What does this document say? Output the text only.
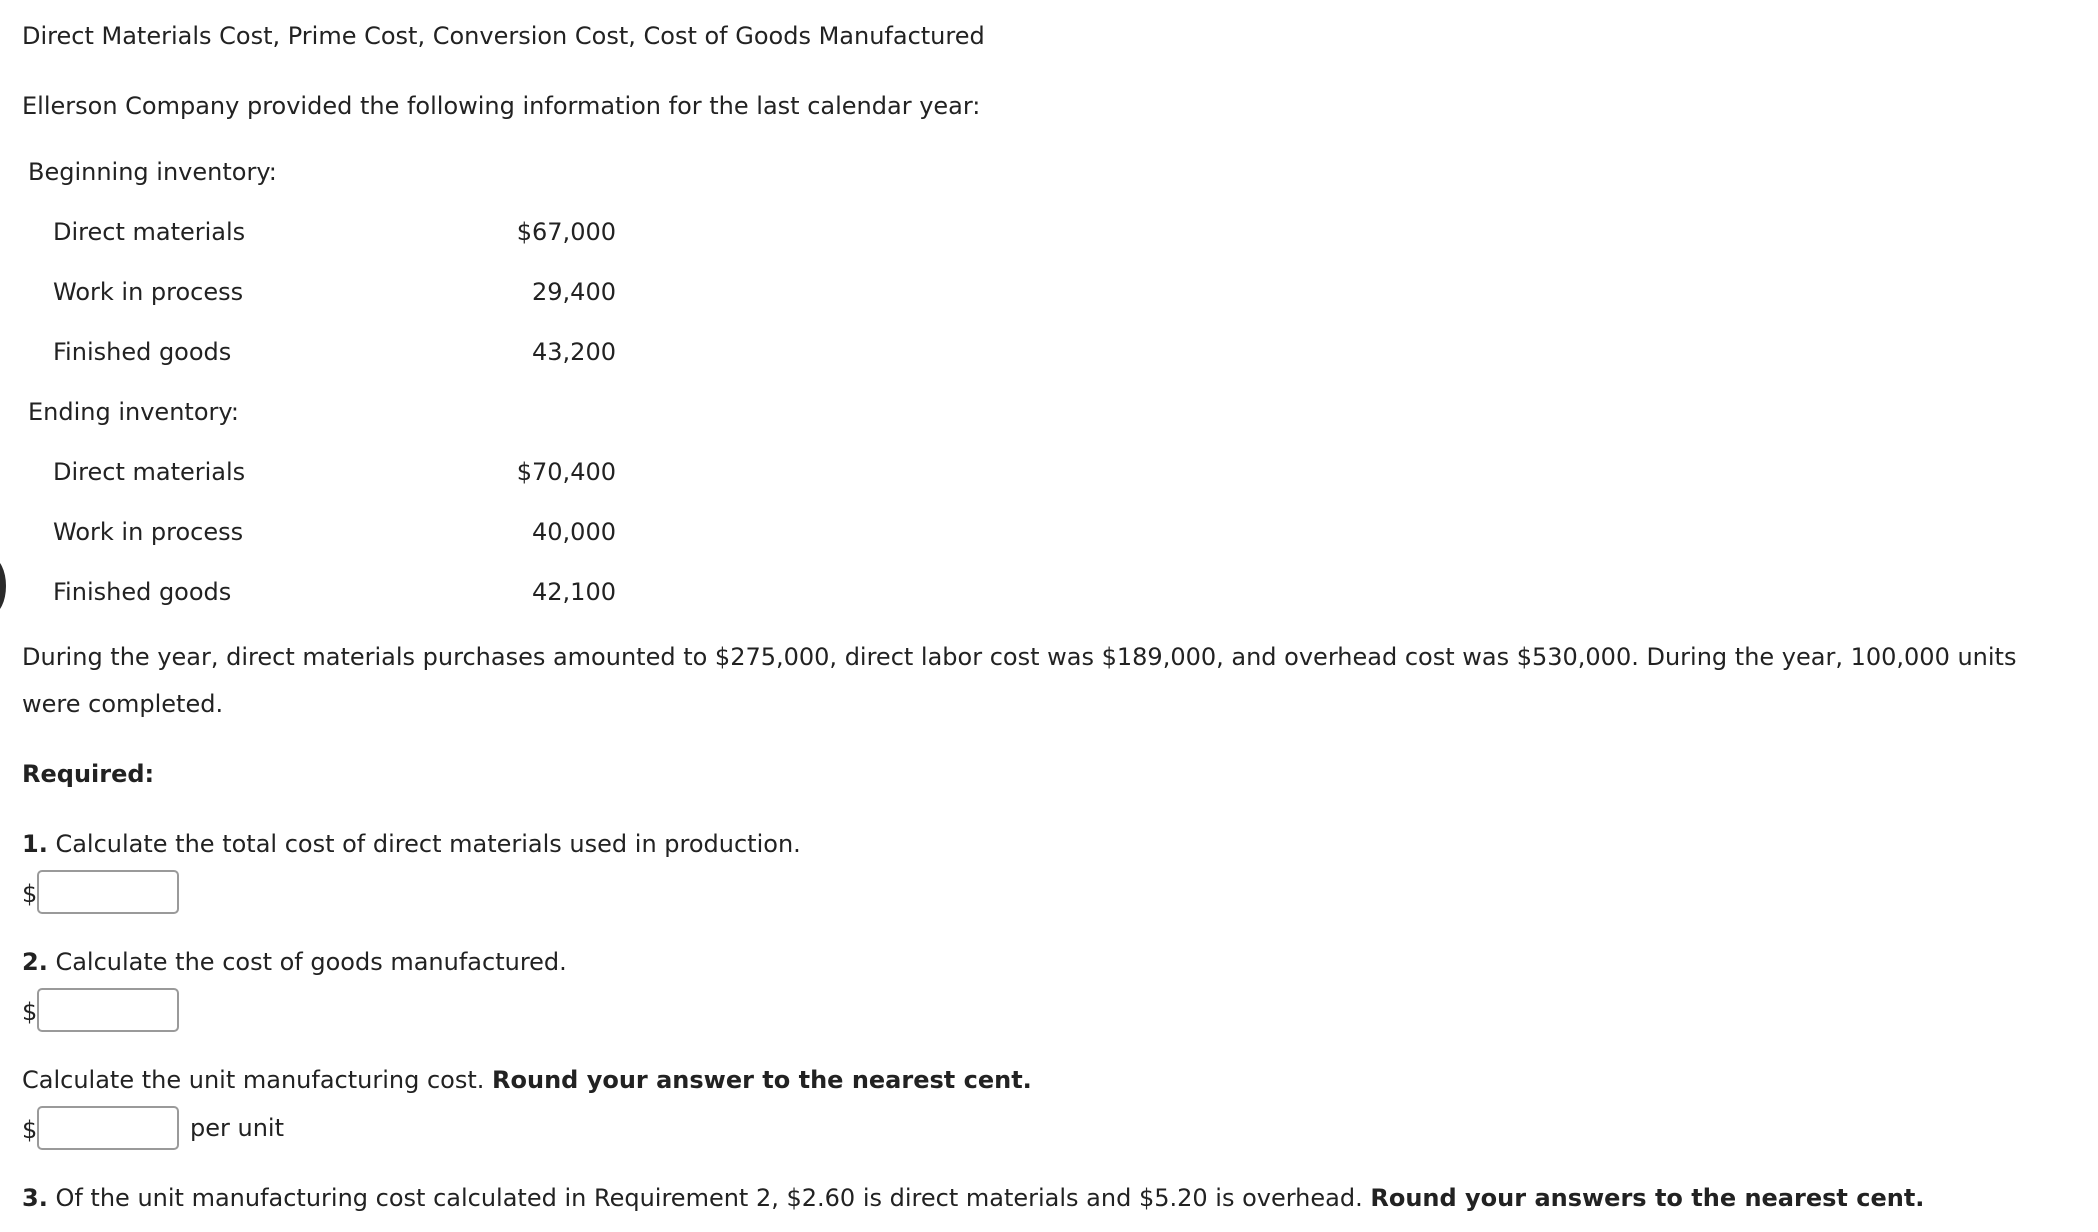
Direct Materials Cost, Prime Cost, Conversion Cost, Cost of Goods Manufactured
Ellerson Company provided the following information for the last calendar year:
Beginning inventory:
Direct materials	$67,000
Work in process	29,400
Finished goods	43,200
Ending inventory:
Direct materials	$70,400
Work in process	40,000
Finished goods	42,100
During the year, direct materials purchases amounted to $275,000, direct labor cost was $189,000, and overhead cost was $530,000. During the year, 100,000 units were completed.
Required:
1. Calculate the total cost of direct materials used in production.
$
2. Calculate the cost of goods manufactured.
$
Calculate the unit manufacturing cost. Round your answer to the nearest cent.
$	per unit
3. Of the unit manufacturing cost calculated in Requirement 2, $2.60 is direct materials and $5.20 is overhead. Round your answers to the nearest cent.
